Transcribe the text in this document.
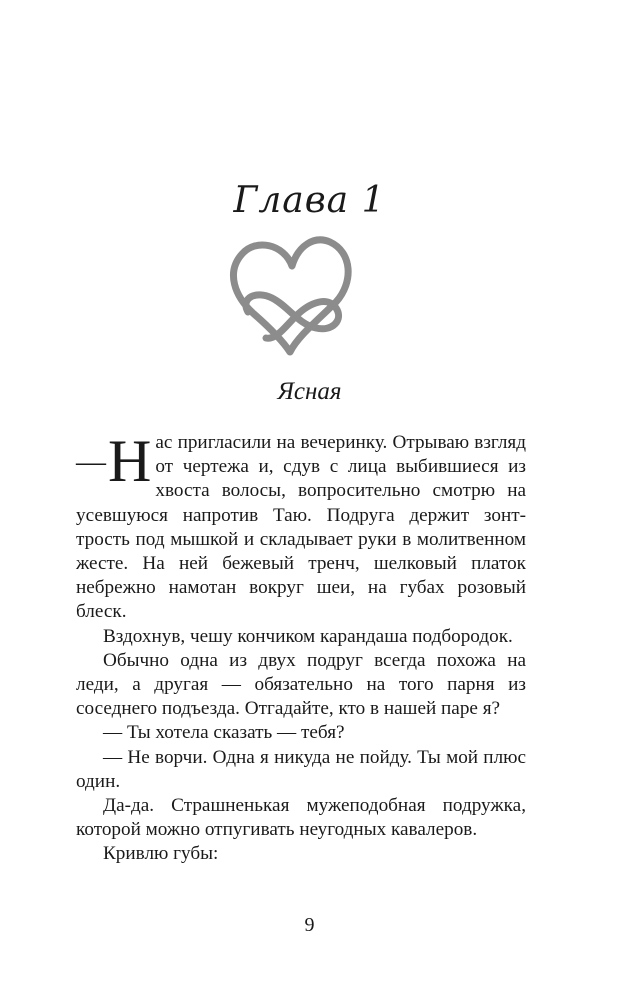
Глава 1
Ясная

— Н ас пригласили на вечеринку. Отрываю взгляд от чертежа и, сдув с лица выбившиеся из хвоста волосы, вопросительно смотрю на усевшуюся напротив Таю. Подруга держит зонт-трость под мышкой и складывает руки в молитвенном жесте. На ней бежевый тренч, шелковый платок небрежно намотан вокруг шеи, на губах розовый блеск.

Вздохнув, чешу кончиком карандаша подбородок.

Обычно одна из двух подруг всегда похожа на леди, а другая — обязательно на того парня из соседнего подъезда. Отгадайте, кто в нашей паре я?

— Ты хотела сказать — тебя?

— Не ворчи. Одна я никуда не пойду. Ты мой плюс один.

Да-да. Страшненькая мужеподобная подружка, которой можно отпугивать неугодных кавалеров.

Кривлю губы:

9
